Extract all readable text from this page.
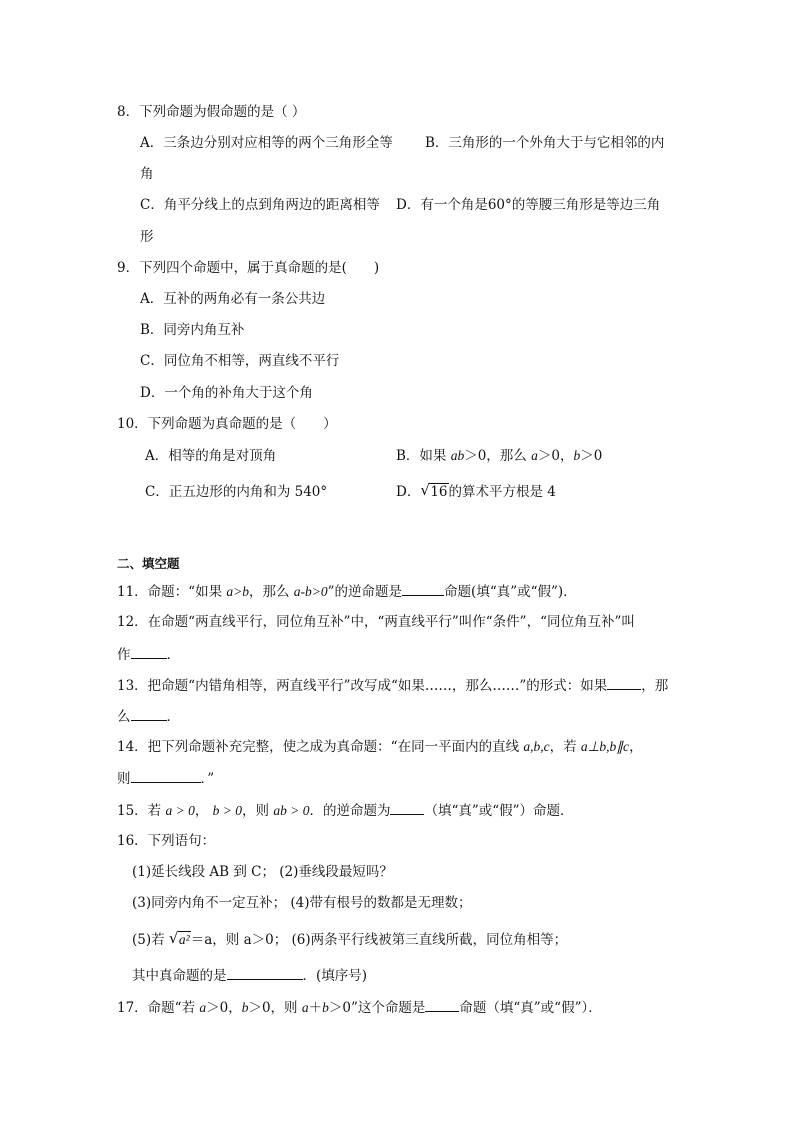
8．下列命题为假命题的是（ ）
A．三条边分别对应相等的两个三角形全等 B．三角形的一个外角大于与它相邻的内
角
C．角平分线上的点到角两边的距离相等 D．有一个角是60°的等腰三角形是等边三角
形
9．下列四个命题中，属于真命题的是(　　)
A．互补的两角必有一条公共边
B．同旁内角互补
C．同位角不相等，两直线不平行
D．一个角的补角大于这个角
10．下列命题为真命题的是（　　）
A．相等的角是对顶角	B．如果 ab＞0，那么 a＞0，b＞0
C．正五边形的内角和为 540°	D． √ 16的算术平方根是 4
二、填空题
11．命题：“如果 a>b，那么 a-b>0”的逆命题是	命题(填“真”或“假”)．
12．在命题“两直线平行，同位角互补”中，“两直线平行”叫作“条件”，“同位角互补”叫
作	．
13．把命题“内错角相等，两直线平行”改写成“如果……，那么……”的形式：如果	，那
么	．
14．把下列命题补充完整，使之成为真命题：“在同一平面内的直线 a,b,c，若 a⊥b,b∥c，
则	．”
15．若 a > 0， b > 0，则 ab > 0．的逆命题为	（填“真”或“假”）命题．
16．下列语句：
(1)延长线段 AB 到 C； (2)垂线段最短吗？
(3)同旁内角不一定互补； (4)带有根号的数都是无理数；
(5)若 √ a²＝a，则 a＞0； (6)两条平行线被第三直线所截，同位角相等；
其中真命题的是	．(填序号)
17．命题“若 a＞0，b＞0，则 a＋b＞0”这个命题是	命题（填“真”或“假”）．
